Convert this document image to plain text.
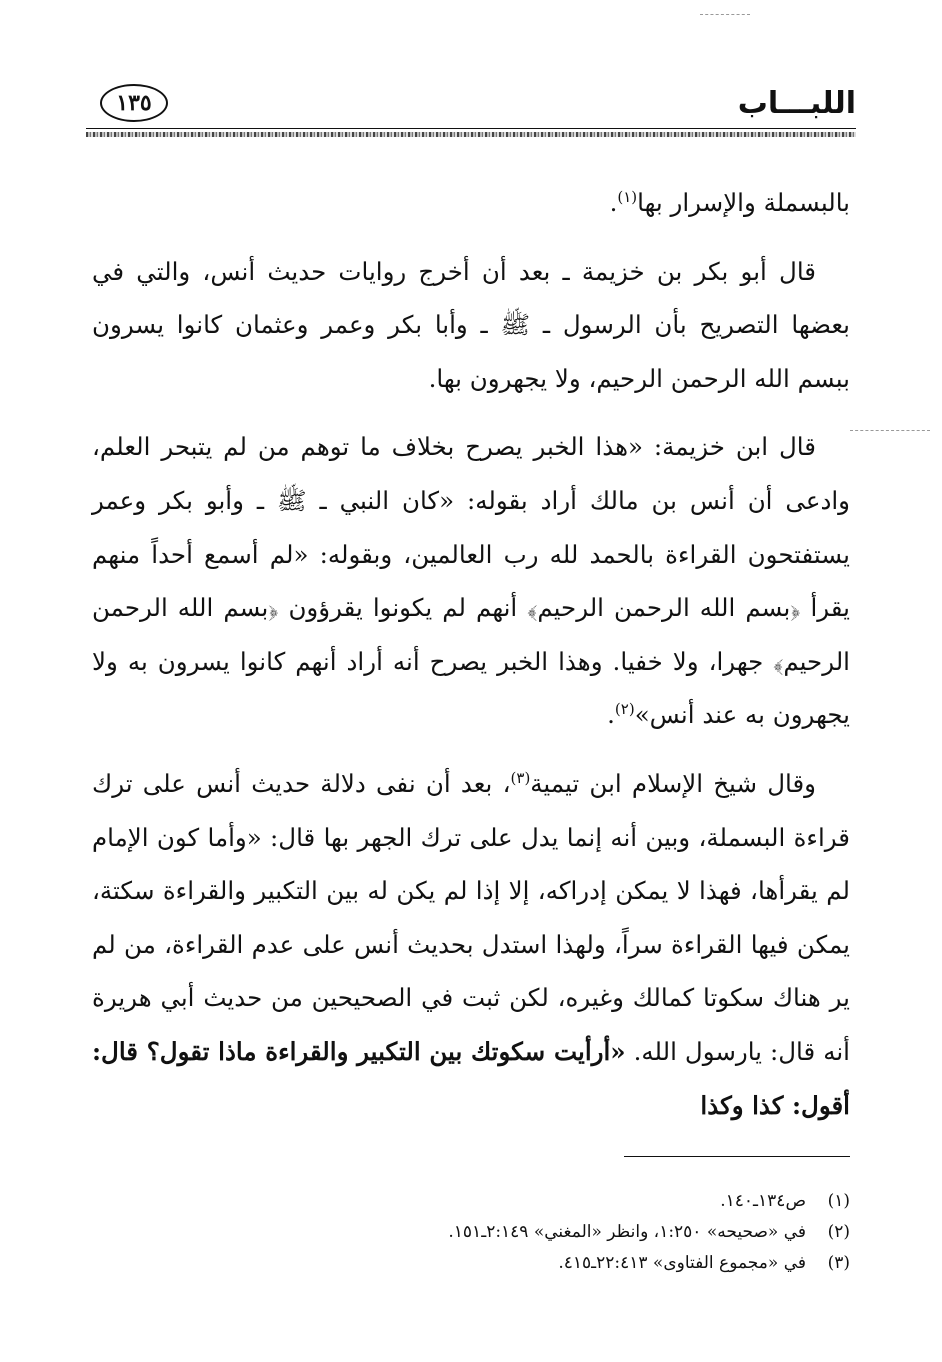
اللبـــاب
١٣٥

بالبسملة والإسرار بها$^{(١)}$.

قال أبو بكر بن خزيمة ـ بعد أن أخرج روايات حديث أنس، والتي في بعضها التصريح بأن الرسول ـ ﷺ ـ وأبا بكر وعمر وعثمان كانوا يسرون ببسم الله الرحمن الرحيم، ولا يجهرون بها.

قال ابن خزيمة: «هذا الخبر يصرح بخلاف ما توهم من لم يتبحر العلم، وادعى أن أنس بن مالك أراد بقوله: «كان النبي ـ ﷺ ـ وأبو بكر وعمر يستفتحون القراءة بالحمد لله رب العالمين، وبقوله: «لم أسمع أحداً منهم يقرأ ﴿بسم الله الرحمن الرحيم﴾ أنهم لم يكونوا يقرؤون ﴿بسم الله الرحمن الرحيم﴾ جهرا، ولا خفيا. وهذا الخبر يصرح أنه أراد أنهم كانوا يسرون به ولا يجهرون به عند أنس»$^{(٢)}$.

وقال شيخ الإسلام ابن تيمية$^{(٣)}$، بعد أن نفى دلالة حديث أنس على ترك قراءة البسملة، وبين أنه إنما يدل على ترك الجهر بها قال: «وأما كون الإمام لم يقرأها، فهذا لا يمكن إدراكه، إلا إذا لم يكن له بين التكبير والقراءة سكتة، يمكن فيها القراءة سراً، ولهذا استدل بحديث أنس على عدم القراءة، من لم ير هناك سكوتا كمالك وغيره، لكن ثبت في الصحيحين من حديث أبي هريرة أنه قال: يارسول الله. «أرأيت سكوتك بين التكبير والقراءة ماذا تقول؟ قال: أقول: كذا وكذا

(١)
ص١٣٤ـ١٤٠.
(٢)
في «صحيحه» ١:٢٥٠، وانظر «المغني» ٢:١٤٩ـ١٥١.
(٣)
في «مجموع الفتاوى» ٢٢:٤١٣ـ٤١٥.
